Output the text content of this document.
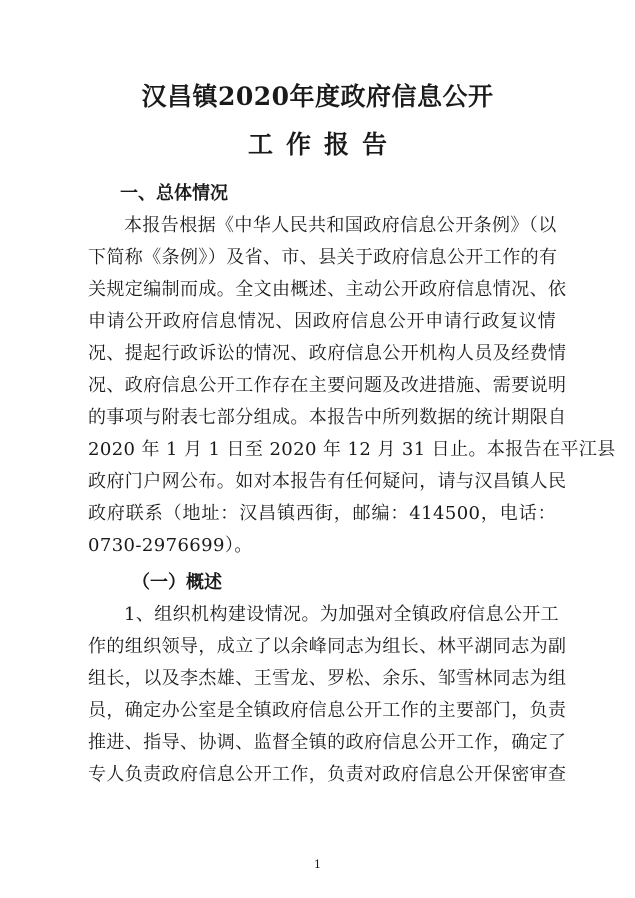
汉昌镇2020年度政府信息公开
工作报告
一、总体情况
本报告根据《中华人民共和国政府信息公开条例》（以
下简称《条例》）及省、市、县关于政府信息公开工作的有
关规定编制而成。全文由概述、主动公开政府信息情况、依
申请公开政府信息情况、因政府信息公开申请行政复议情
况、提起行政诉讼的情况、政府信息公开机构人员及经费情
况、政府信息公开工作存在主要问题及改进措施、需要说明
的事项与附表七部分组成。本报告中所列数据的统计期限自
2020 年 1 月 1 日至 2020 年 12 月 31 日止。本报告在平江县
政府门户网公布。如对本报告有任何疑问，请与汉昌镇人民
政府联系（地址：汉昌镇西街，邮编：414500，电话：
0730-2976699）。
（一）概述
1、组织机构建设情况。为加强对全镇政府信息公开工
作的组织领导，成立了以余峰同志为组长、林平湖同志为副
组长，以及李杰雄、王雪龙、罗松、余乐、邹雪林同志为组
员，确定办公室是全镇政府信息公开工作的主要部门，负责
推进、指导、协调、监督全镇的政府信息公开工作，确定了
专人负责政府信息公开工作，负责对政府信息公开保密审查
1
